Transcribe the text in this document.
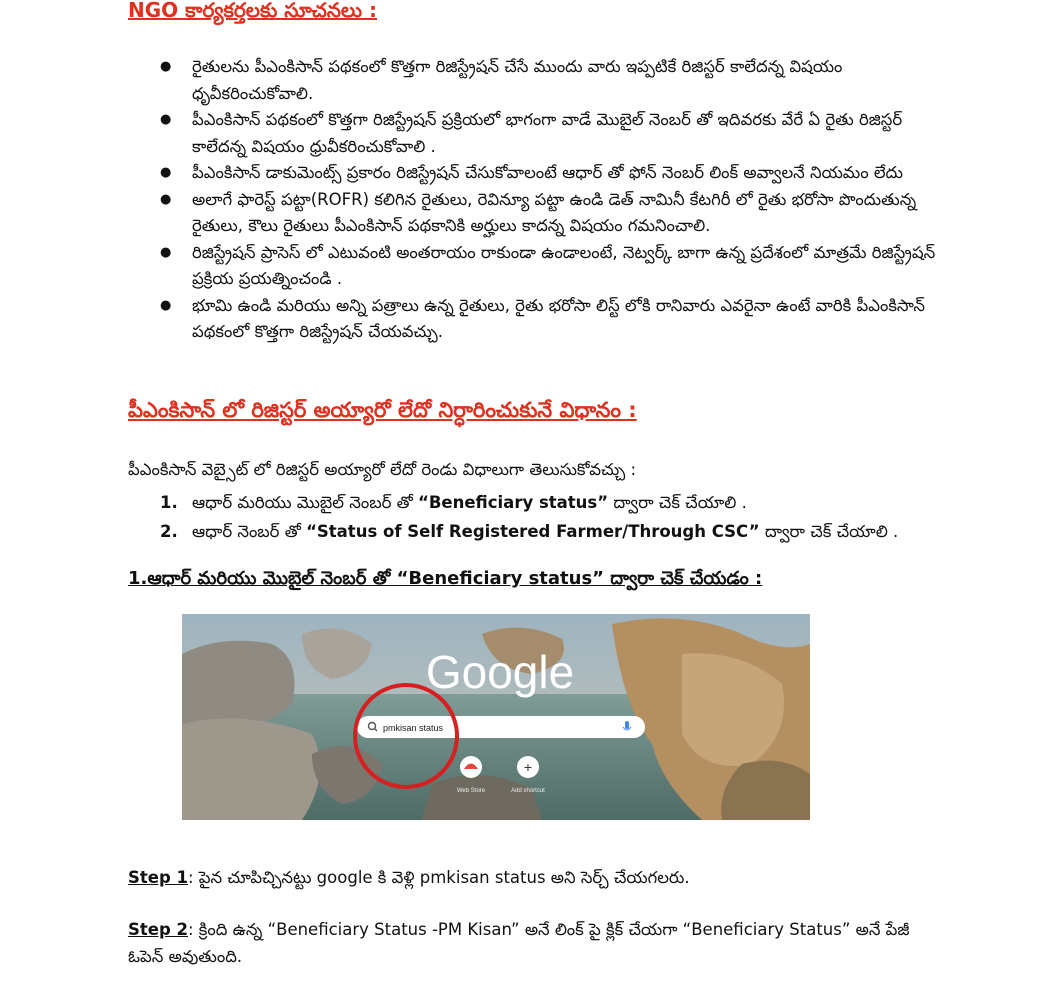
NGO కార్యకర్తలకు సూచనలు :
● రైతులను పీఎంకిసాన్ పథకంలో కొత్తగా రిజిస్ట్రేషన్ చేసే ముందు వారు ఇప్పటికే రిజిస్టర్ కాలేదన్న విషయం ధృవీకరించుకోవాలి.
● పీఎంకిసాన్ పథకంలో కొత్తగా రిజిస్ట్రేషన్ ప్రక్రియలో భాగంగా వాడే మొబైల్ నెంబర్ తో ఇదివరకు వేరే ఏ రైతు రిజిస్టర్ కాలేదన్న విషయం ధ్రువీకరించుకోవాలి .
● పీఎంకిసాన్ డాకుమెంట్స్ ప్రకారం రిజిస్ట్రేషన్ చేసుకోవాలంటే ఆధార్ తో ఫోన్ నెంబర్ లింక్ అవ్వాలనే నియమం లేదు
● అలాగే ఫారెస్ట్ పట్టా(ROFR) కలిగిన రైతులు, రెవిన్యూ పట్టా ఉండి డెత్ నామినీ కేటగిరీ లో రైతు భరోసా పొందుతున్న రైతులు, కౌలు రైతులు పీఎంకిసాన్ పథకానికి అర్హులు కాదన్న విషయం గమనించాలి.
● రిజిస్ట్రేషన్ ప్రాసెస్ లో ఎటువంటి అంతరాయం రాకుండా ఉండాలంటే, నెట్వర్క్ బాగా ఉన్న ప్రదేశంలో మాత్రమే రిజిస్ట్రేషన్ ప్రక్రియ ప్రయత్నించండి .
● భూమి ఉండి మరియు అన్ని పత్రాలు ఉన్న రైతులు, రైతు భరోసా లిస్ట్ లోకి రానివారు ఎవరైనా ఉంటే వారికి పీఎంకిసాన్ పథకంలో కొత్తగా రిజిస్ట్రేషన్ చేయవచ్చు.
పీఎంకిసాన్ లో రిజిస్టర్ అయ్యారో లేదో నిర్ధారించుకునే విధానం :

పీఎంకిసాన్ వెబ్సైట్ లో రిజిస్టర్ అయ్యారో లేదో రెండు విధాలుగా తెలుసుకోవచ్చు :

1. ఆధార్ మరియు మొబైల్ నెంబర్ తో “Beneficiary status” ద్వారా చెక్ చేయాలి .
2. ఆధార్ నెంబర్ తో “Status of Self Registered Farmer/Through CSC” ద్వారా చెక్ చేయాలి .
1.ఆధార్ మరియు మొబైల్ నెంబర్ తో “Beneficiary status” ద్వారా చెక్ చేయడం :
Google
pmkisan status
Web Store
+
Add shortcut

Step 1: పైన చూపిచ్చినట్టు google కి వెళ్లి pmkisan status అని సెర్చ్ చేయగలరు.

Step 2: క్రింది ఉన్న “Beneficiary Status -PM Kisan” అనే లింక్ పై క్లిక్ చేయగా “Beneficiary Status” అనే పేజీ ఓపెన్ అవుతుంది.
